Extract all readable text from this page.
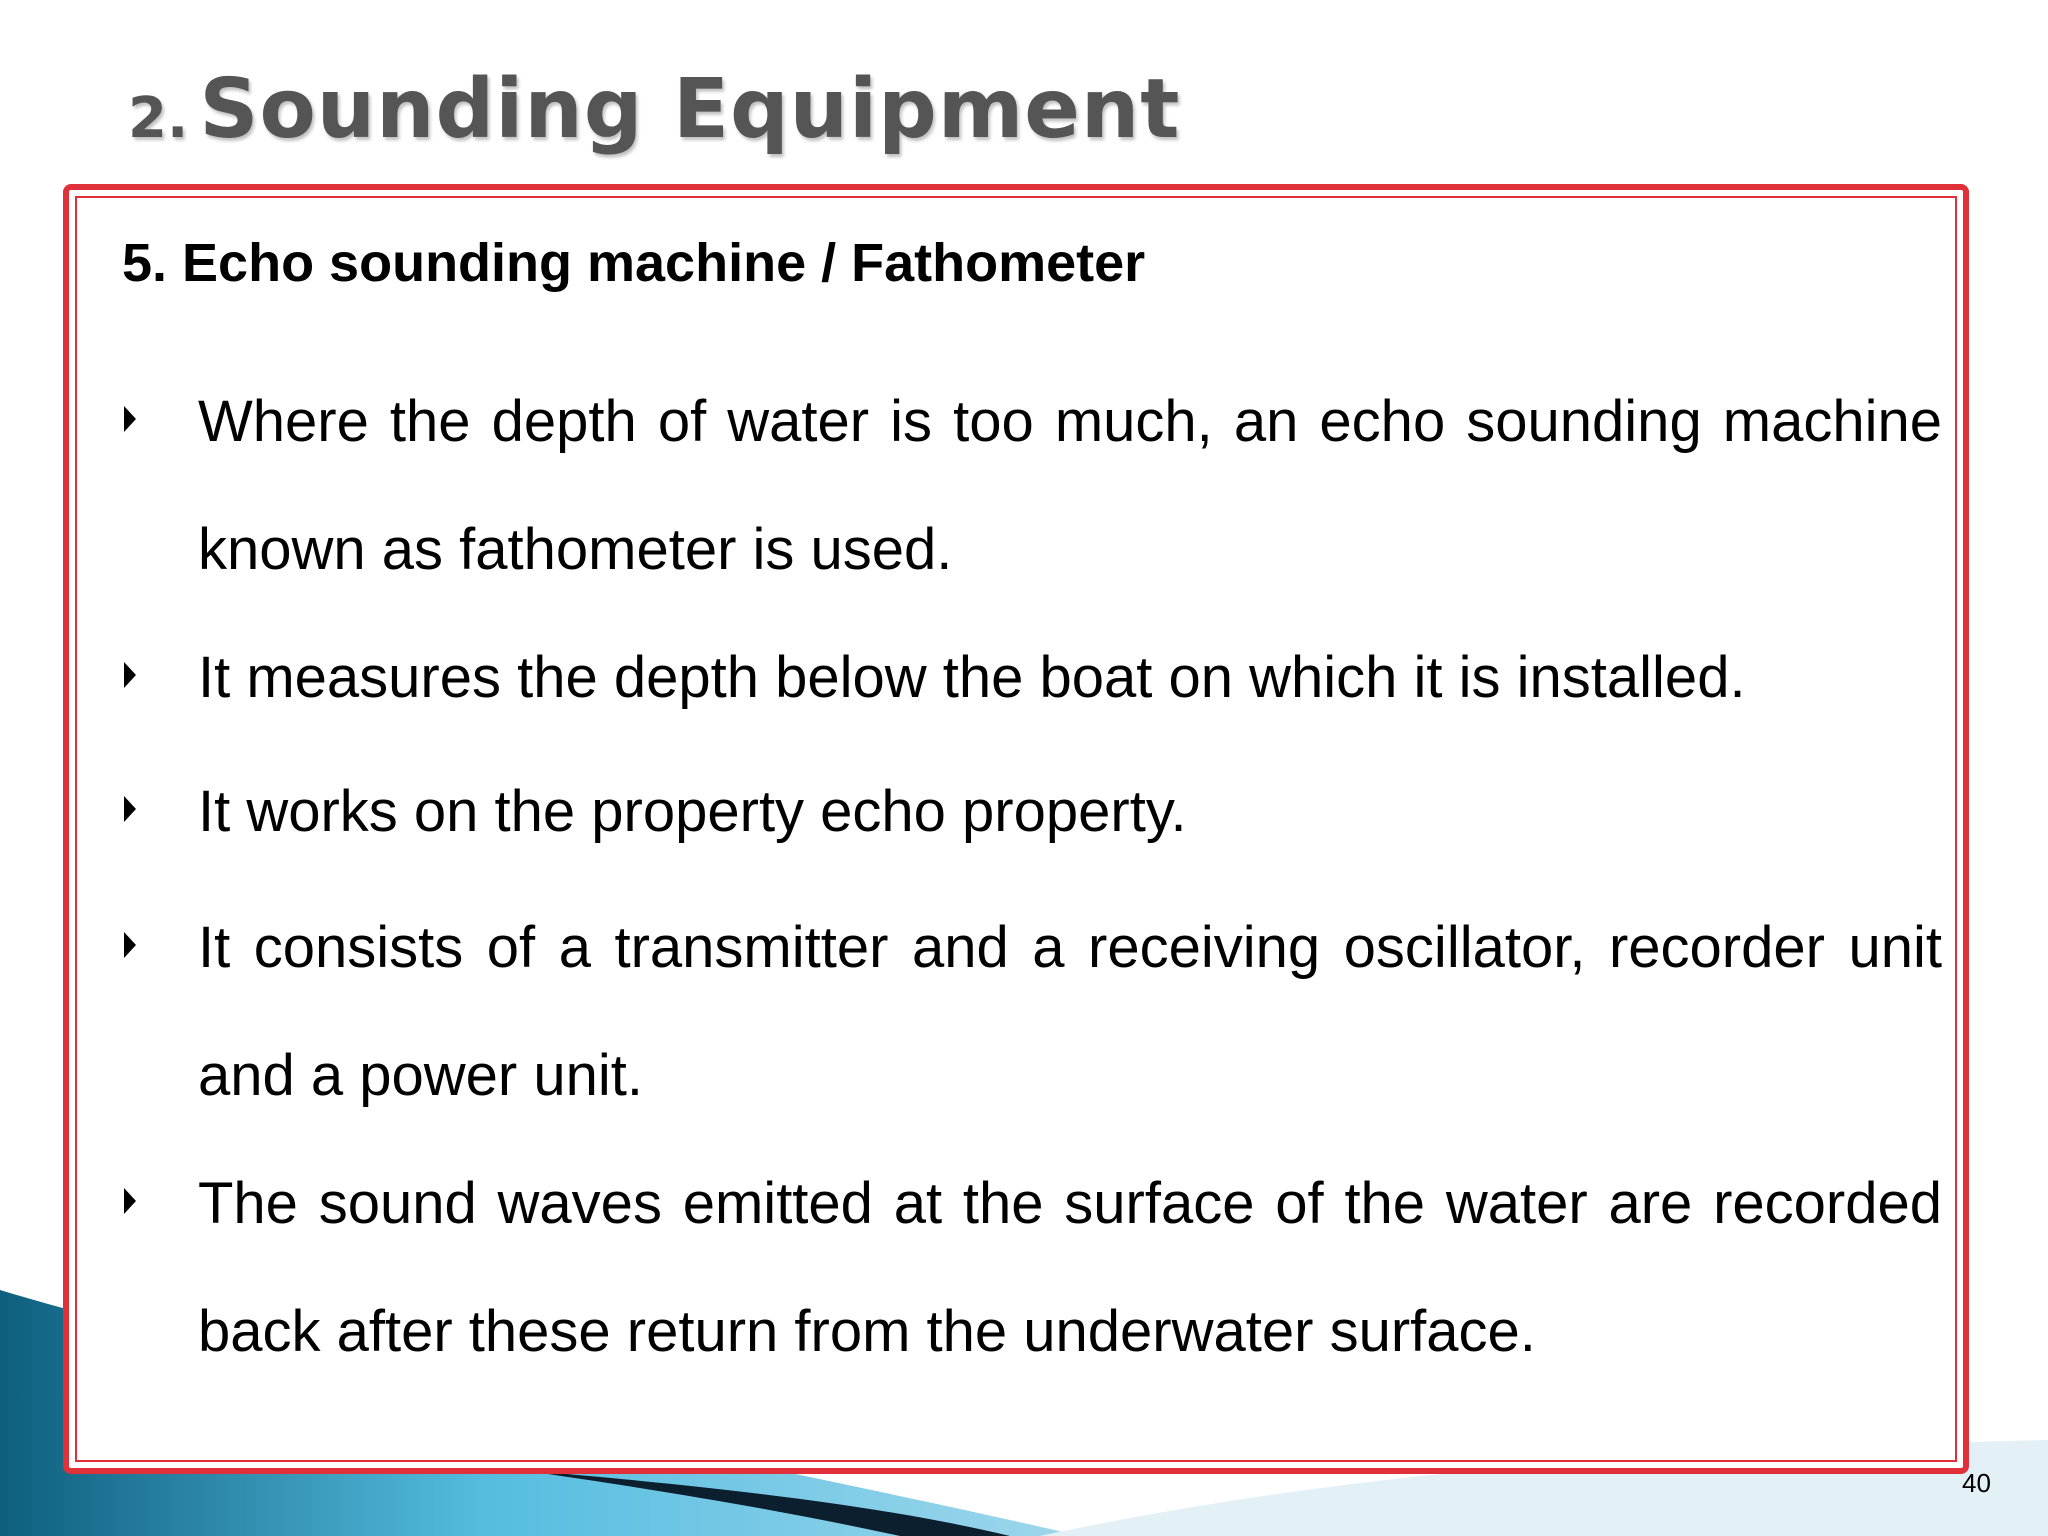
2. Sounding Equipment
5. Echo sounding machine / Fathometer
Where the depth of water is too much, an echo sounding machine known as fathometer is used.
It measures the depth below the boat on which it is installed.
It works on the property echo property.
It consists of a transmitter and a receiving oscillator, recorder unit and a power unit.
The sound waves emitted at the surface of the water are recorded back after these return from the underwater surface.
40
